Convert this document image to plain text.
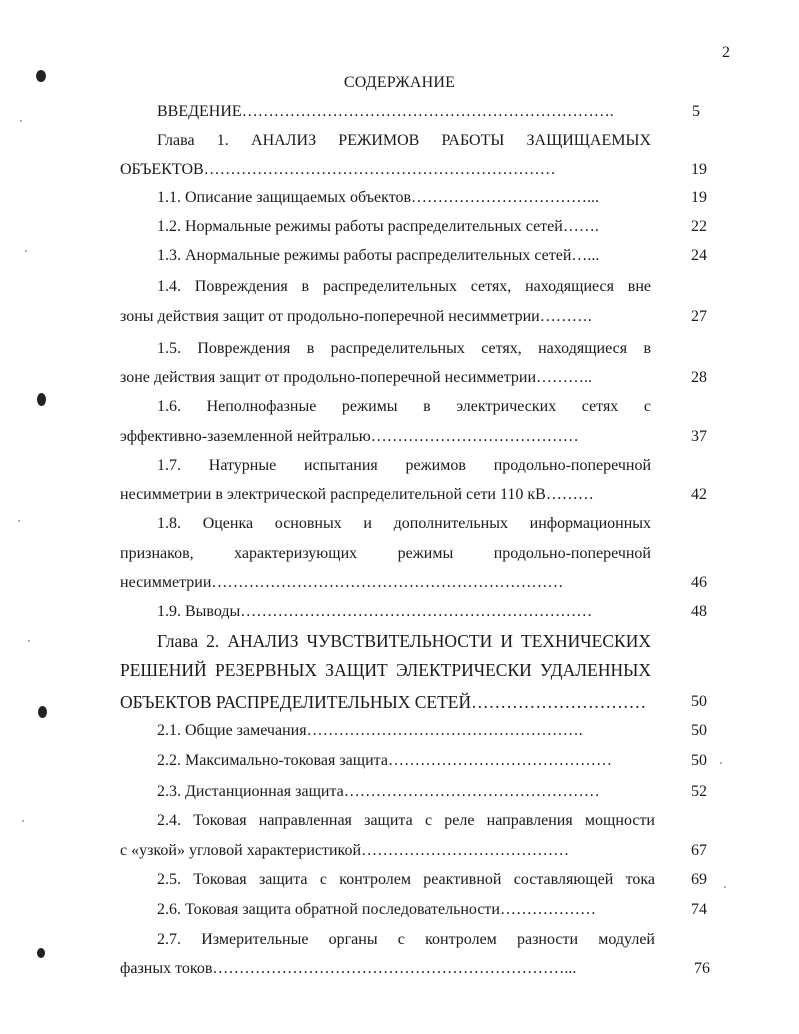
2
СОДЕРЖАНИЕ
ВВЕДЕНИЕ…………………………………………………………….
Глава 1. АНАЛИЗ РЕЖИМОВ РАБОТЫ ЗАЩИЩАЕМЫХ
ОБЪЕКТОВ…………………………………………………………
1.1. Описание защищаемых объектов……………………………...
1.2. Нормальные режимы работы распределительных сетей…….
1.3. Анормальные режимы работы распределительных сетей…...
1.4. Повреждения в распределительных сетях, находящиеся вне
зоны действия защит от продольно-поперечной несимметрии……….
1.5. Повреждения в распределительных сетях, находящиеся в
зоне действия защит от продольно-поперечной несимметрии………..
1.6. Неполнофазные режимы в электрических сетях с
эффективно-заземленной нейтралью…………………………………
1.7. Натурные испытания режимов продольно-поперечной
несимметрии в электрической распределительной сети 110 кВ………
1.8. Оценка основных и дополнительных информационных
признаков, характеризующих режимы продольно-поперечной
несимметрии…………………………………………………………
1.9. Выводы…………………………………………………………
Глава 2. АНАЛИЗ ЧУВСТВИТЕЛЬНОСТИ И ТЕХНИЧЕСКИХ
РЕШЕНИЙ РЕЗЕРВНЫХ ЗАЩИТ ЭЛЕКТРИЧЕСКИ УДАЛЕННЫХ
ОБЪЕКТОВ РАСПРЕДЕЛИТЕЛЬНЫХ СЕТЕЙ…………………………
2.1. Общие замечания…………………………………………….
2.2. Максимально-токовая защита……………………………………
2.3. Дистанционная защита…………………………………………
2.4. Токовая направленная защита с реле направления мощности
с «узкой» угловой характеристикой…………………………………
2.5. Токовая защита с контролем реактивной составляющей тока
2.6. Токовая защита обратной последовательности………………
2.7. Измерительные органы с контролем разности модулей
фазных токов…………………………………………………………...
5
19
19
22
24
27
28
37
42
46
48
50
50
50
52
67
69
74
76
